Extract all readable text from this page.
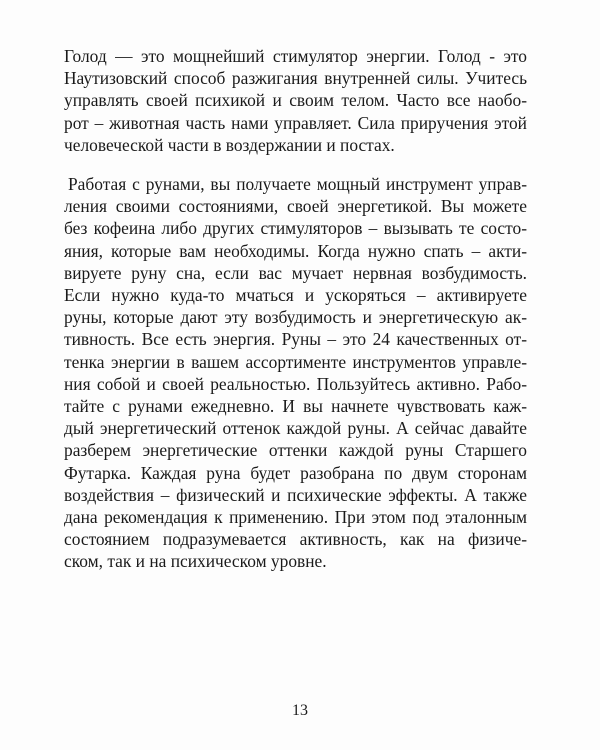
Голод — это мощнейший стимулятор энергии. Голод - это
Наутизовский способ разжигания внутренней силы. Учитесь
управлять своей психикой и своим телом. Часто все наобо-
рот – животная часть нами управляет. Сила приручения этой
человеческой части в воздержании и постах.
Работая с рунами, вы получаете мощный инструмент управ-
ления своими состояниями, своей энергетикой. Вы можете
без кофеина либо других стимуляторов – вызывать те состо-
яния, которые вам необходимы. Когда нужно спать – акти-
вируете руну сна, если вас мучает нервная возбудимость.
Если нужно куда-то мчаться и ускоряться – активируете
руны, которые дают эту возбудимость и энергетическую ак-
тивность. Все есть энергия. Руны – это 24 качественных от-
тенка энергии в вашем ассортименте инструментов управле-
ния собой и своей реальностью. Пользуйтесь активно. Рабо-
тайте с рунами ежедневно. И вы начнете чувствовать каж-
дый энергетический оттенок каждой руны. А сейчас давайте
разберем энергетические оттенки каждой руны Старшего
Футарка. Каждая руна будет разобрана по двум сторонам
воздействия – физический и психические эффекты. А также
дана рекомендация к применению. При этом под эталонным
состоянием подразумевается активность, как на физиче-
ском, так и на психическом уровне.
13
